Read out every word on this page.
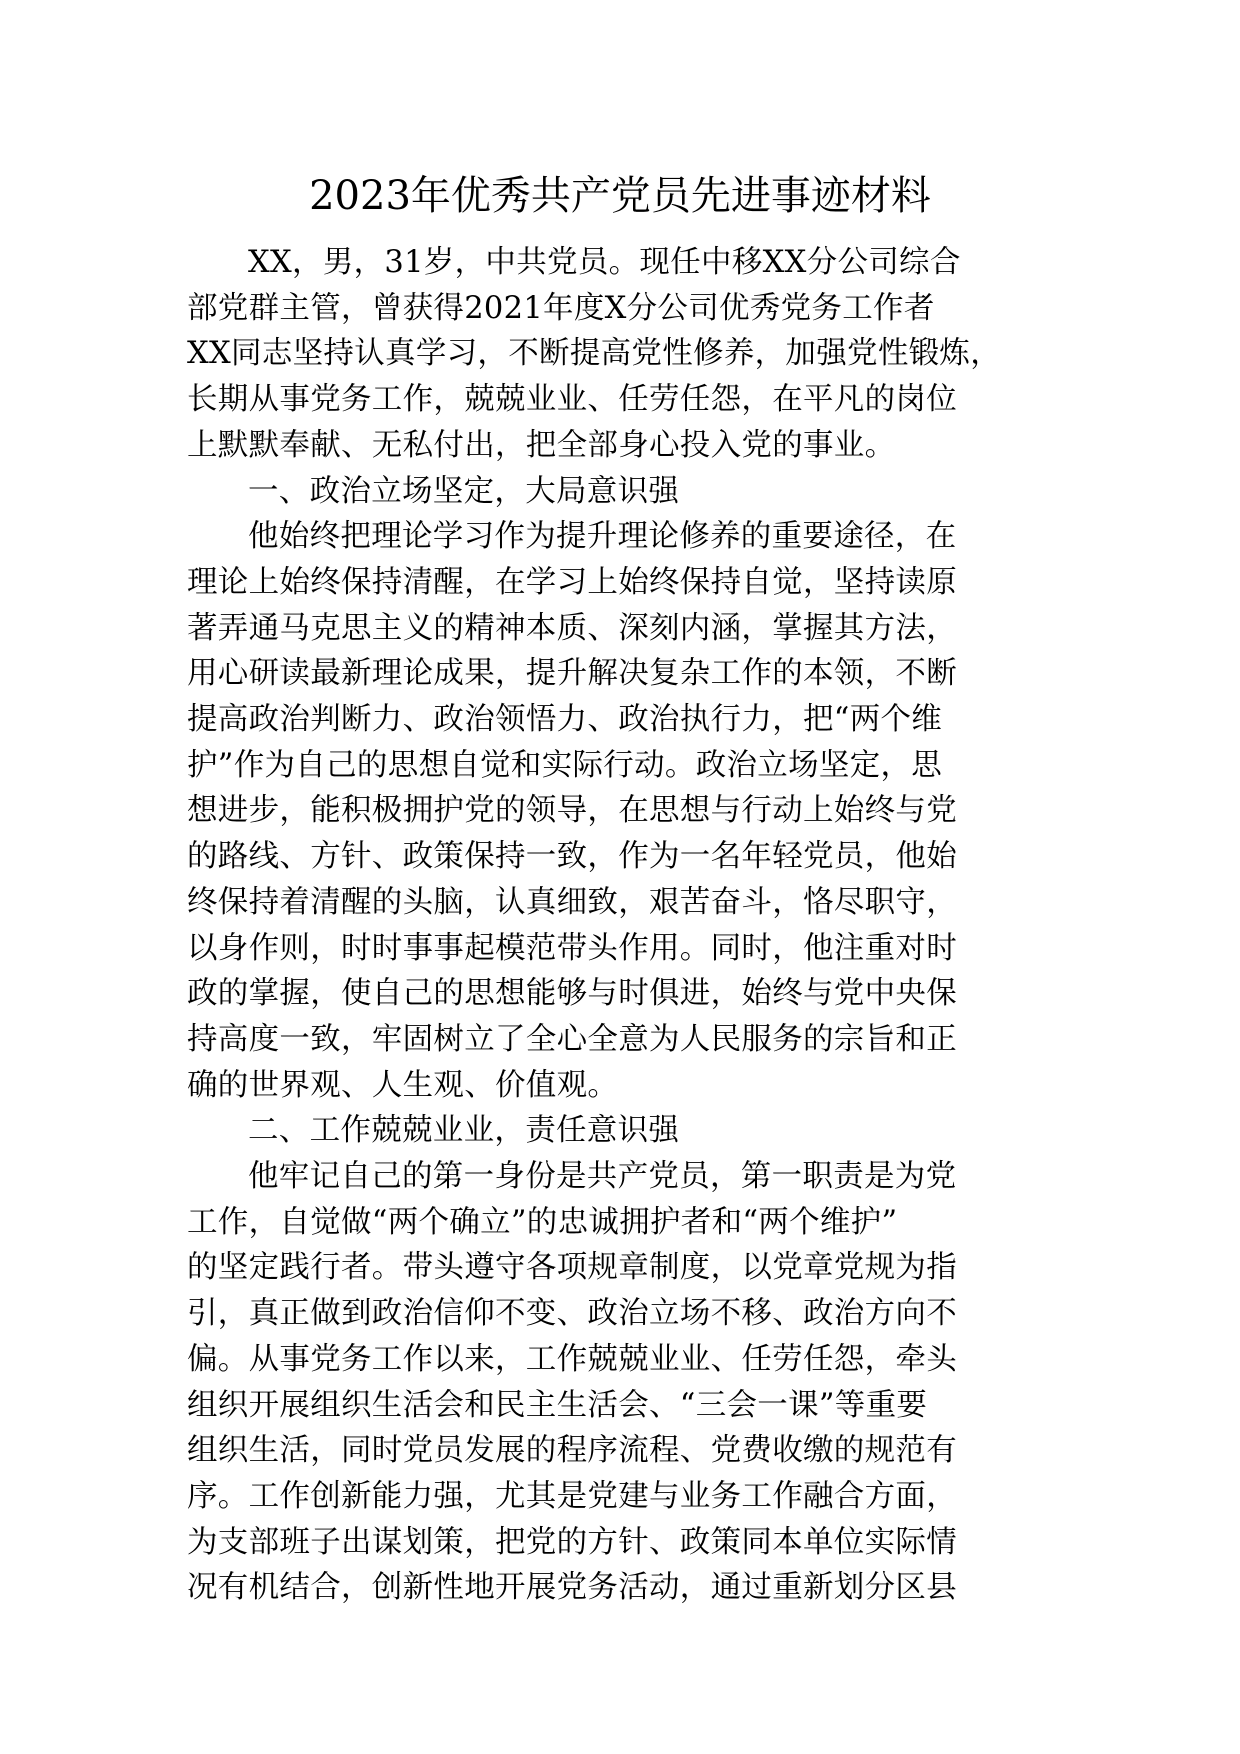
2023年优秀共产党员先进事迹材料

XX，男，31岁，中共党员。现任中移XX分公司综合
部党群主管，曾获得2021年度X分公司优秀党务工作者
XX同志坚持认真学习，不断提高党性修养，加强党性锻炼，
长期从事党务工作，兢兢业业、任劳任怨，在平凡的岗位
上默默奉献、无私付出，把全部身心投入党的事业。

一、政治立场坚定，大局意识强

他始终把理论学习作为提升理论修养的重要途径，在
理论上始终保持清醒，在学习上始终保持自觉，坚持读原
著弄通马克思主义的精神本质、深刻内涵，掌握其方法，
用心研读最新理论成果，提升解决复杂工作的本领，不断
提高政治判断力、政治领悟力、政治执行力，把“两个维
护”作为自己的思想自觉和实际行动。政治立场坚定，思
想进步，能积极拥护党的领导，在思想与行动上始终与党
的路线、方针、政策保持一致，作为一名年轻党员，他始
终保持着清醒的头脑，认真细致，艰苦奋斗，恪尽职守，
以身作则，时时事事起模范带头作用。同时，他注重对时
政的掌握，使自己的思想能够与时俱进，始终与党中央保
持高度一致，牢固树立了全心全意为人民服务的宗旨和正
确的世界观、人生观、价值观。

二、工作兢兢业业，责任意识强

他牢记自己的第一身份是共产党员，第一职责是为党
工作，自觉做“两个确立”的忠诚拥护者和“两个维护”
的坚定践行者。带头遵守各项规章制度，以党章党规为指
引，真正做到政治信仰不变、政治立场不移、政治方向不
偏。从事党务工作以来，工作兢兢业业、任劳任怨，牵头
组织开展组织生活会和民主生活会、“三会一课”等重要
组织生活，同时党员发展的程序流程、党费收缴的规范有
序。工作创新能力强，尤其是党建与业务工作融合方面，
为支部班子出谋划策，把党的方针、政策同本单位实际情
况有机结合，创新性地开展党务活动，通过重新划分区县
